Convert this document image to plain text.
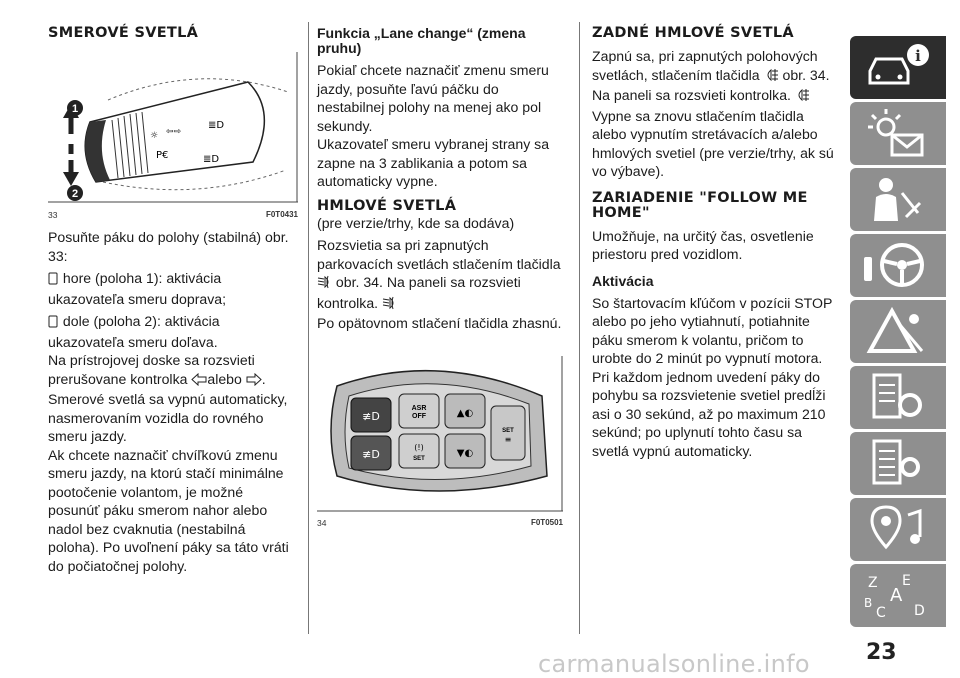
SMEROVÉ SVETLÁ
☼ ⇦⇨
P€
≣D
≣D
1
2
33	F0T0431

Posuňte páku do polohy (stabilná) obr. 33:

hore (poloha 1): aktivácia ukazovateľa smeru doprava;

dole (poloha 2): aktivácia ukazovateľa smeru doľava.

Na prístrojovej doske sa rozsvieti prerušovane kontrolka alebo .

Smerové svetlá sa vypnú automaticky, nasmerovaním vozidla do rovného smeru jazdy.

Ak chcete naznačiť chvíľkovú zmenu smeru jazdy, na ktorú stačí minimálne pootočenie volantom, je možné posunúť páku smerom nahor alebo nadol bez cvaknutia (nestabilná poloha). Po uvoľnení páky sa táto vráti do počiatočnej polohy.

Funkcia „Lane change“ (zmena pruhu)

Pokiaľ chcete naznačiť zmenu smeru jazdy, posuňte ľavú páčku do nestabilnej polohy na menej ako pol sekundy.

Ukazovateľ smeru vybranej strany sa zapne na 3 zablikania a potom sa automaticky vypne.

HMLOVÉ SVETLÁ

(pre verzie/trhy, kde sa dodáva)

Rozsvietia sa pri zapnutých parkovacích svetlách stlačením tlačidla  obr. 34. Na paneli sa rozsvieti kontrolka.

Po opätovnom stlačení tlačidla zhasnú.

≢D
≢D
ASR
OFF
(!)
SET
▲◐
▼◐
SET
≡
34	F0T0501
ZADNÉ HMLOVÉ SVETLÁ

Zapnú sa, pri zapnutých polohových svetlách, stlačením tlačidla obr. 34. Na paneli sa rozsvieti kontrolka.

Vypne sa znovu stlačením tlačidla alebo vypnutím stretávacích a/alebo hmlových svetiel (pre verzie/trhy, ak sú vo výbave).

ZARIADENIE "FOLLOW ME HOME"

Umožňuje, na určitý čas, osvetlenie priestoru pred vozidlom.

Aktivácia

So štartovacím kľúčom v pozícii STOP alebo po jeho vytiahnutí, potiahnite páku smerom k volantu, pričom to urobte do 2 minút po vypnutí motora. Pri každom jednom uvedení páky do pohybu sa rozsvietenie svetiel predĺži asi o 30 sekúnd, až po maximum 210 sekúnd; po uplynutí tohto času sa svetlá vypnú automaticky.

i
Z E
A
B
C D
23
carmanualsonline.info
